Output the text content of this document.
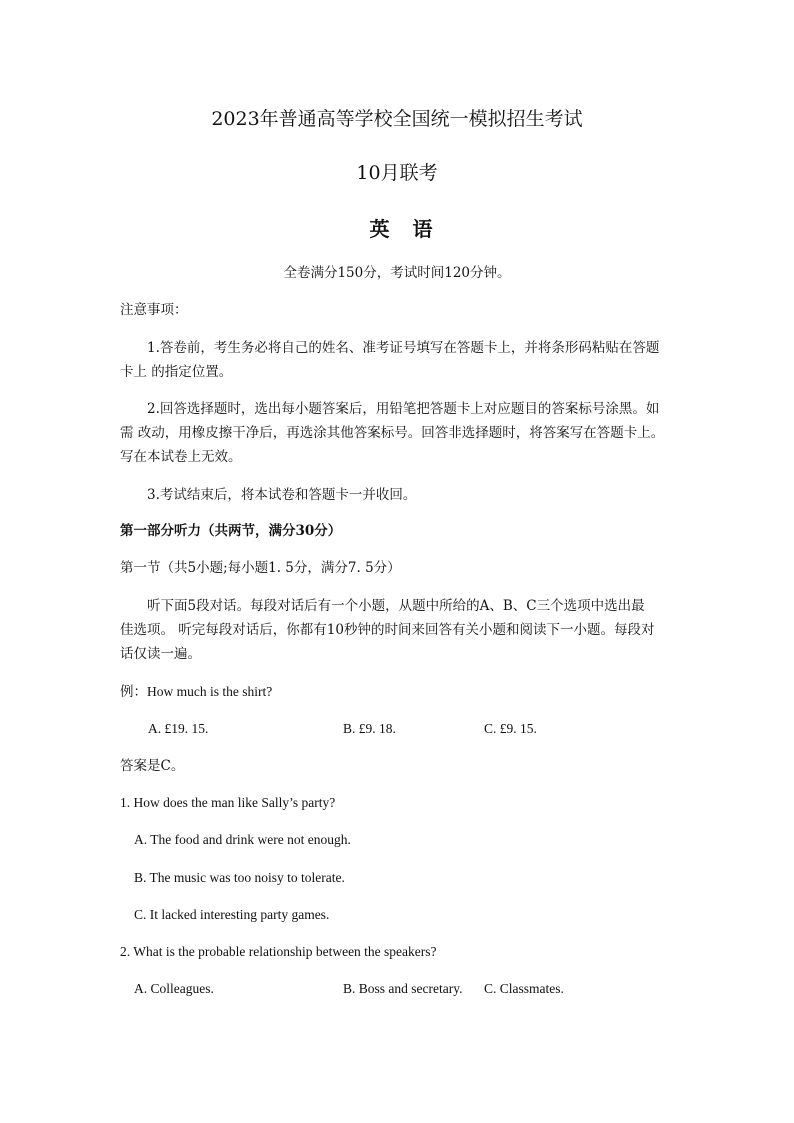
2023年普通高等学校全国统一模拟招生考试
10月联考
英 语
全卷满分150分，考试时间120分钟。
注意事项：
1.答卷前，考生务必将自己的姓名、准考证号填写在答题卡上，并将条形码粘贴在答题
卡上 的指定位置。
2.回答选择题时，选出每小题答案后，用铅笔把答题卡上对应题目的答案标号涂黑。如
需 改动，用橡皮擦干净后，再选涂其他答案标号。回答非选择题时，将答案写在答题卡上。
写在本试卷上无效。
3.考试结束后，将本试卷和答题卡一并收回。
第一部分听力（共两节，满分30分）
第一节（共5小题;每小题1. 5分，满分7. 5分）
听下面5段对话。每段对话后有一个小题，从题中所给的A、B、C三个选项中选出最
佳选项。 听完每段对话后，你都有10秒钟的时间来回答有关小题和阅读下一小题。每段对
话仅读一遍。
例：How much is the shirt?
A. £19. 15.	B. £9. 18.	C. £9. 15.
答案是C。
1. How does the man like Sally’s party?
A. The food and drink were not enough.
B. The music was too noisy to tolerate.
C. It lacked interesting party games.
2. What is the probable relationship between the speakers?
A. Colleagues.	B. Boss and secretary. C. Classmates.
